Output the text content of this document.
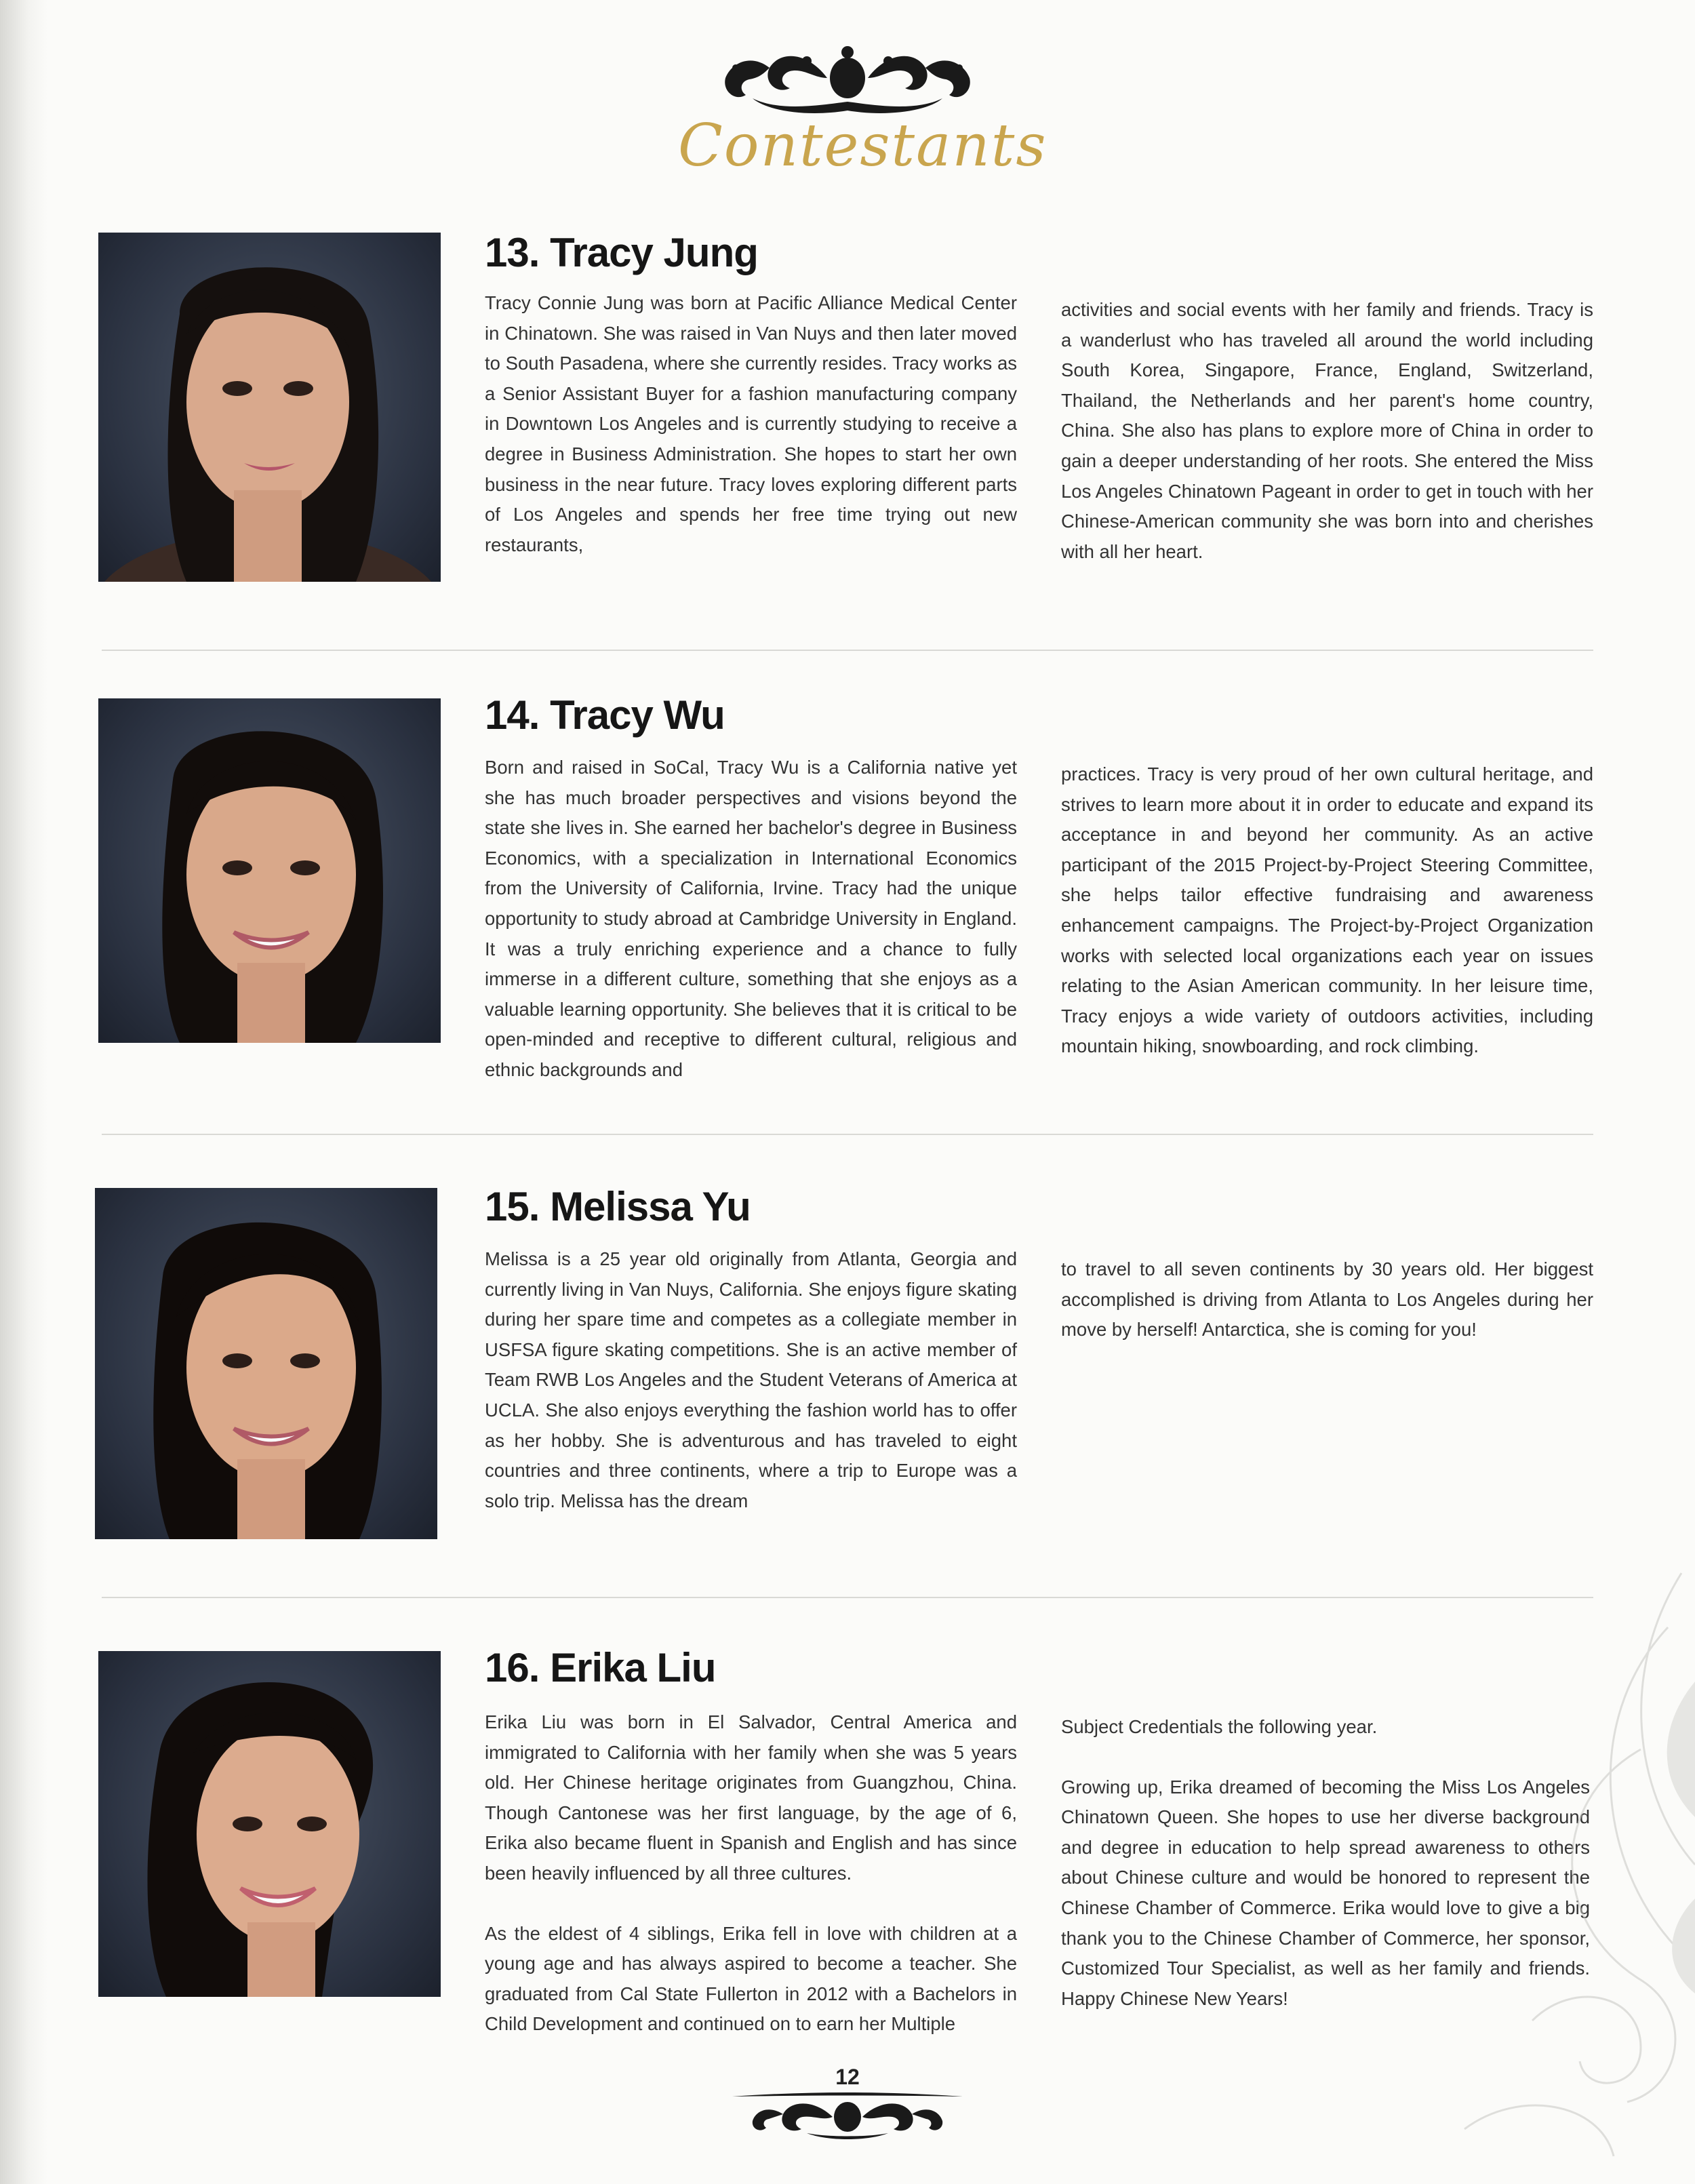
Contestants
13. Tracy Jung

Tracy Connie Jung was born at Pacific Alliance Medical Center in Chinatown. She was raised in Van Nuys and then later moved to South Pasadena, where she currently resides. Tracy works as a Senior Assistant Buyer for a fashion manufacturing company in Downtown Los Angeles and is currently studying to receive a degree in Business Administration. She hopes to start her own business in the near future. Tracy loves exploring different parts of Los Angeles and spends her free time trying out new restaurants,

activities and social events with her family and friends. Tracy is a wanderlust who has traveled all around the world including South Korea, Singapore, France, England, Switzerland, Thailand, the Netherlands and her parent's home country, China. She also has plans to explore more of China in order to gain a deeper understanding of her roots. She entered the Miss Los Angeles Chinatown Pageant in order to get in touch with her Chinese-American community she was born into and cherishes with all her heart.

14. Tracy Wu

Born and raised in SoCal, Tracy Wu is a California native yet she has much broader perspectives and visions beyond the state she lives in. She earned her bachelor's degree in Business Economics, with a specialization in International Economics from the University of California, Irvine. Tracy had the unique opportunity to study abroad at Cambridge University in England. It was a truly enriching experience and a chance to fully immerse in a different culture, something that she enjoys as a valuable learning opportunity. She believes that it is critical to be open-minded and receptive to different cultural, religious and ethnic backgrounds and

practices. Tracy is very proud of her own cultural heritage, and strives to learn more about it in order to educate and expand its acceptance in and beyond her community. As an active participant of the 2015 Project-by-Project Steering Committee, she helps tailor effective fundraising and awareness enhancement campaigns. The Project-by-Project Organization works with selected local organizations each year on issues relating to the Asian American community. In her leisure time, Tracy enjoys a wide variety of outdoors activities, including mountain hiking, snowboarding, and rock climbing.

15. Melissa Yu

Melissa is a 25 year old originally from Atlanta, Georgia and currently living in Van Nuys, California. She enjoys figure skating during her spare time and competes as a collegiate member in USFSA figure skating competitions. She is an active member of Team RWB Los Angeles and the Student Veterans of America at UCLA. She also enjoys everything the fashion world has to offer as her hobby. She is adventurous and has traveled to eight countries and three continents, where a trip to Europe was a solo trip. Melissa has the dream

to travel to all seven continents by 30 years old. Her biggest accomplished is driving from Atlanta to Los Angeles during her move by herself! Antarctica, she is coming for you!

16. Erika Liu

Erika Liu was born in El Salvador, Central America and immigrated to California with her family when she was 5 years old. Her Chinese heritage originates from Guangzhou, China. Though Cantonese was her first language, by the age of 6, Erika also became fluent in Spanish and English and has since been heavily influenced by all three cultures.

As the eldest of 4 siblings, Erika fell in love with children at a young age and has always aspired to become a teacher. She graduated from Cal State Fullerton in 2012 with a Bachelors in Child Development and continued on to earn her Multiple

Subject Credentials the following year.

Growing up, Erika dreamed of becoming the Miss Los Angeles Chinatown Queen. She hopes to use her diverse background and degree in education to help spread awareness to others about Chinese culture and would be honored to represent the Chinese Chamber of Commerce. Erika would love to give a big thank you to the Chinese Chamber of Commerce, her sponsor, Customized Tour Specialist, as well as her family and friends. Happy Chinese New Years!

12
